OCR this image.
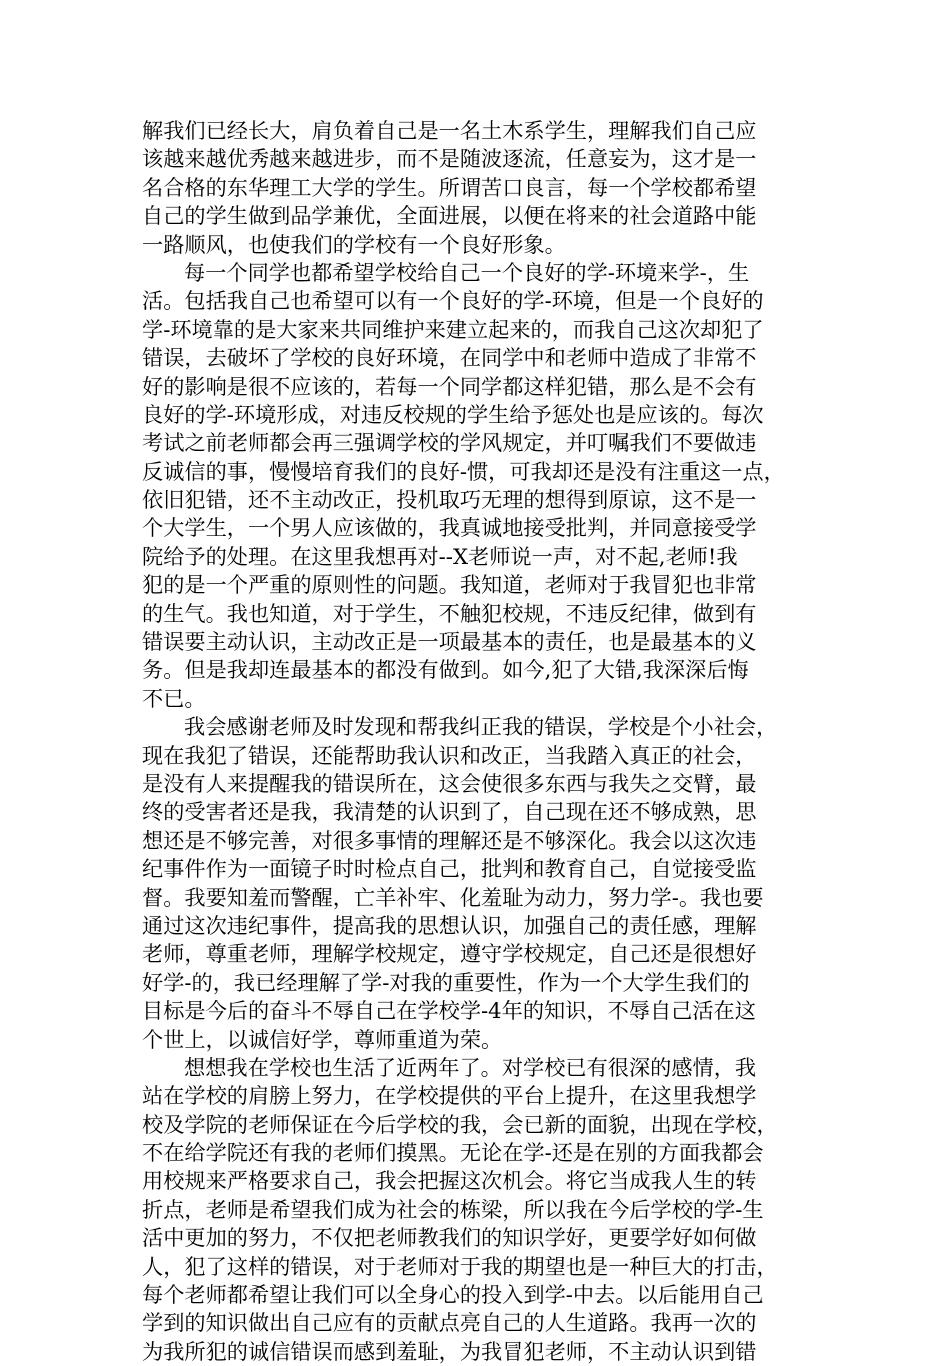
解我们已经长大，肩负着自己是一名土木系学生，理解我们自己应
该越来越优秀越来越进步，而不是随波逐流，任意妄为，这才是一
名合格的东华理工大学的学生。所谓苦口良言，每一个学校都希望
自己的学生做到品学兼优，全面进展，以便在将来的社会道路中能
一路顺风，也使我们的学校有一个良好形象。
每一个同学也都希望学校给自己一个良好的学-环境来学-，生
活。包括我自己也希望可以有一个良好的学-环境，但是一个良好的
学-环境靠的是大家来共同维护来建立起来的，而我自己这次却犯了
错误，去破坏了学校的良好环境，在同学中和老师中造成了非常不
好的影响是很不应该的，若每一个同学都这样犯错，那么是不会有
良好的学-环境形成，对违反校规的学生给予惩处也是应该的。每次
考试之前老师都会再三强调学校的学风规定，并叮嘱我们不要做违
反诚信的事，慢慢培育我们的良好-惯，可我却还是没有注重这一点，
依旧犯错，还不主动改正，投机取巧无理的想得到原谅，这不是一
个大学生，一个男人应该做的，我真诚地接受批判，并同意接受学
院给予的处理。在这里我想再对--X老师说一声，对不起,老师!我
犯的是一个严重的原则性的问题。我知道，老师对于我冒犯也非常
的生气。我也知道，对于学生，不触犯校规，不违反纪律，做到有
错误要主动认识，主动改正是一项最基本的责任，也是最基本的义
务。但是我却连最基本的都没有做到。如今,犯了大错,我深深后悔
不已。
我会感谢老师及时发现和帮我纠正我的错误，学校是个小社会，
现在我犯了错误，还能帮助我认识和改正，当我踏入真正的社会，
是没有人来提醒我的错误所在，这会使很多东西与我失之交臂，最
终的受害者还是我，我清楚的认识到了，自己现在还不够成熟，思
想还是不够完善，对很多事情的理解还是不够深化。我会以这次违
纪事件作为一面镜子时时检点自己，批判和教育自己，自觉接受监
督。我要知羞而警醒，亡羊补牢、化羞耻为动力，努力学-。我也要
通过这次违纪事件，提高我的思想认识，加强自己的责任感，理解
老师，尊重老师，理解学校规定，遵守学校规定，自己还是很想好
好学-的，我已经理解了学-对我的重要性，作为一个大学生我们的
目标是今后的奋斗不辱自己在学校学-4年的知识，不辱自己活在这
个世上，以诚信好学，尊师重道为荣。
想想我在学校也生活了近两年了。对学校已有很深的感情，我
站在学校的肩膀上努力，在学校提供的平台上提升，在这里我想学
校及学院的老师保证在今后学校的我，会已新的面貌，出现在学校，
不在给学院还有我的老师们摸黑。无论在学-还是在别的方面我都会
用校规来严格要求自己，我会把握这次机会。将它当成我人生的转
折点，老师是希望我们成为社会的栋梁，所以我在今后学校的学-生
活中更加的努力，不仅把老师教我们的知识学好，更要学好如何做
人，犯了这样的错误，对于老师对于我的期望也是一种巨大的打击，
每个老师都希望让我们可以全身心的投入到学-中去。以后能用自己
学到的知识做出自己应有的贡献点亮自己的人生道路。我再一次的
为我所犯的诚信错误而感到羞耻，为我冒犯老师，不主动认识到错
